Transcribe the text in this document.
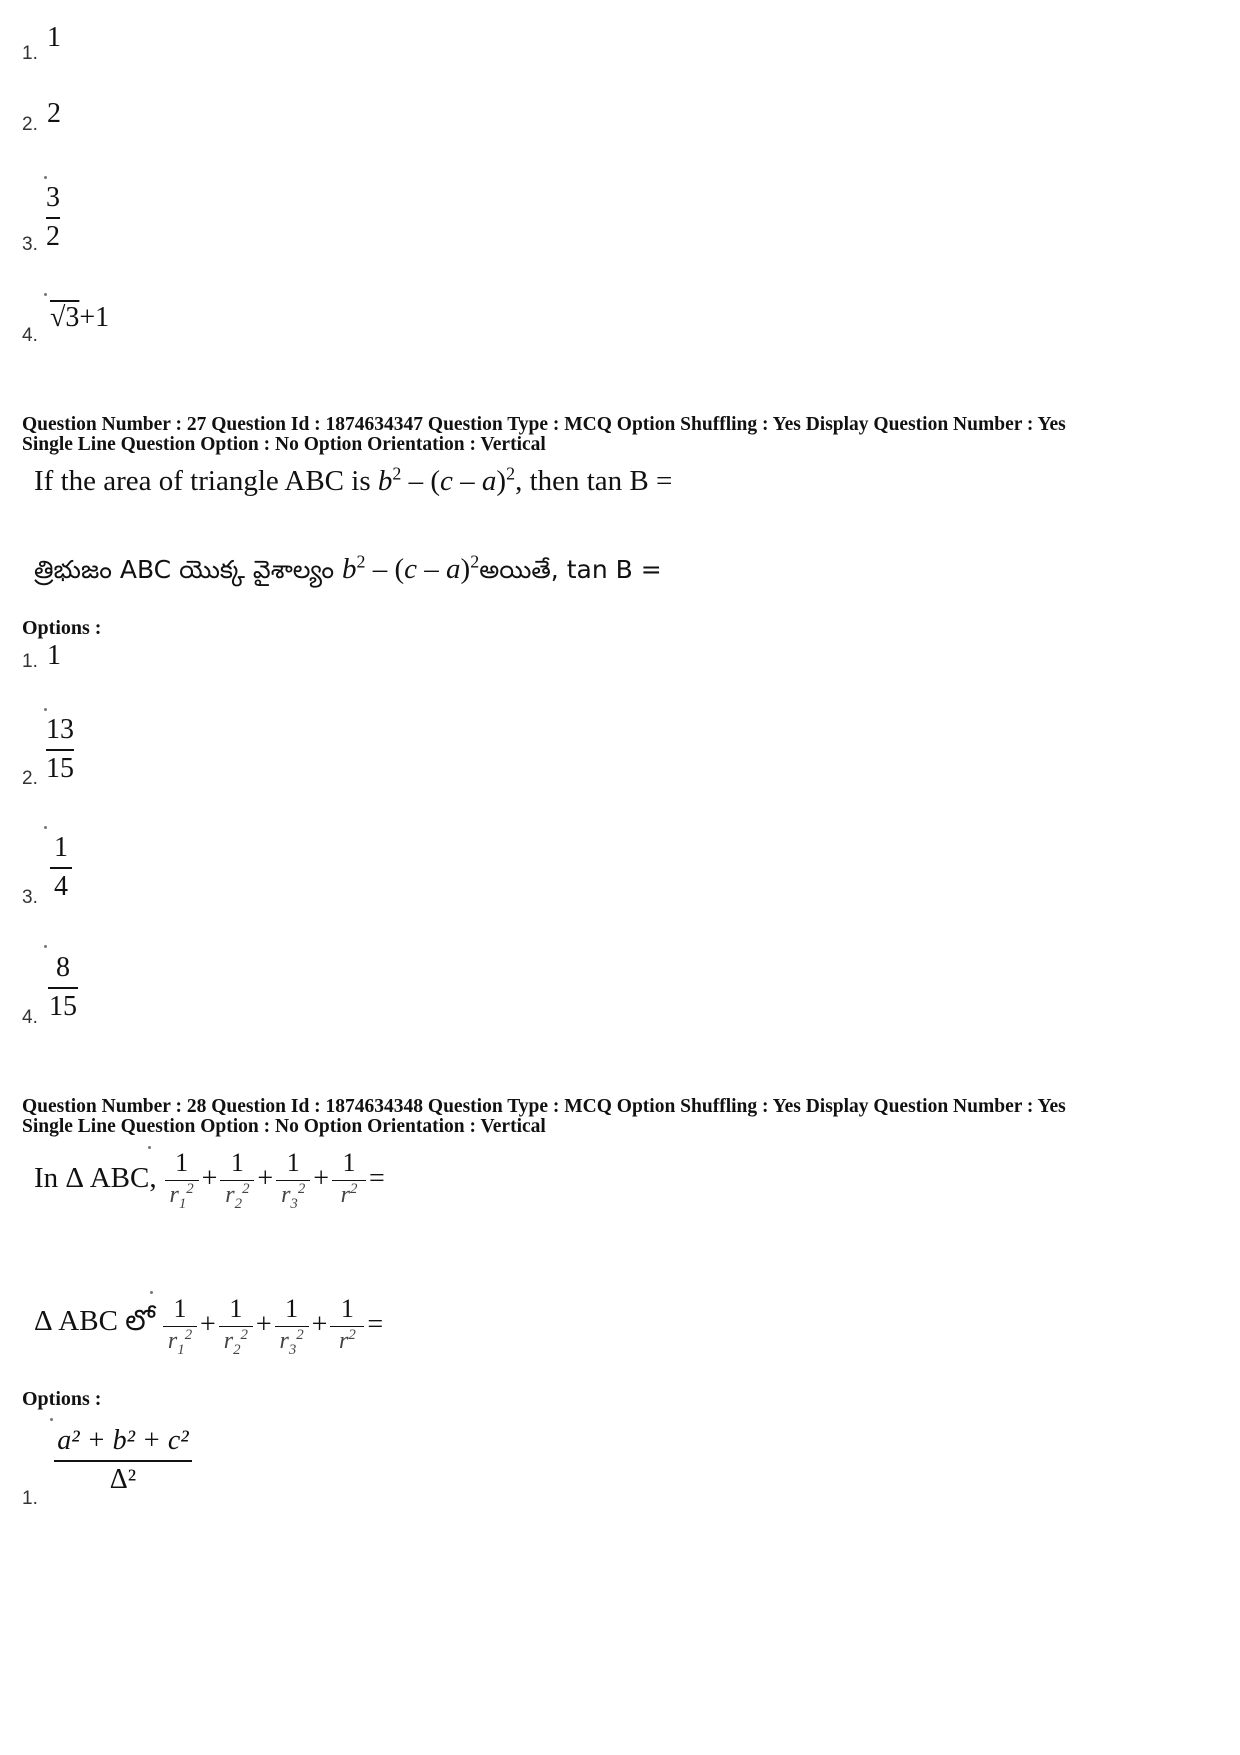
1.
1
2. 2
3.
3
2
4.
√3+1
Question Number : 27 Question Id : 1874634347 Question Type : MCQ Option Shuffling : Yes Display Question Number : Yes
Single Line Question Option : No Option Orientation : Vertical
If the area of triangle ABC is $b^2 - (c - a)^2$, then tan B =
త్రిభుజం ABC యొక్క వైశాల్యం $b^2 - (c$ – a)$^2$అయితే, tan B =
Options :
1. 1
2.
13
15
3.
1
4
4.
8
15
Question Number : 28 Question Id : 1874634348 Question Type : MCQ Option Shuffling : Yes Display Question Number : Yes
Single Line Question Option : No Option Orientation : Vertical
In Δ ABC, 1
$r_1^2 + 1$
$r_2^2 + 1$
$r_3^2 + 1$
$r^2$ =
Δ ABC లో 1
$r_1^2 + 1$
$r_2^2 + 1$
$r_3^2 + 1$
$r^2$ =
Options :
1.
a² + b² + c²
Δ²
